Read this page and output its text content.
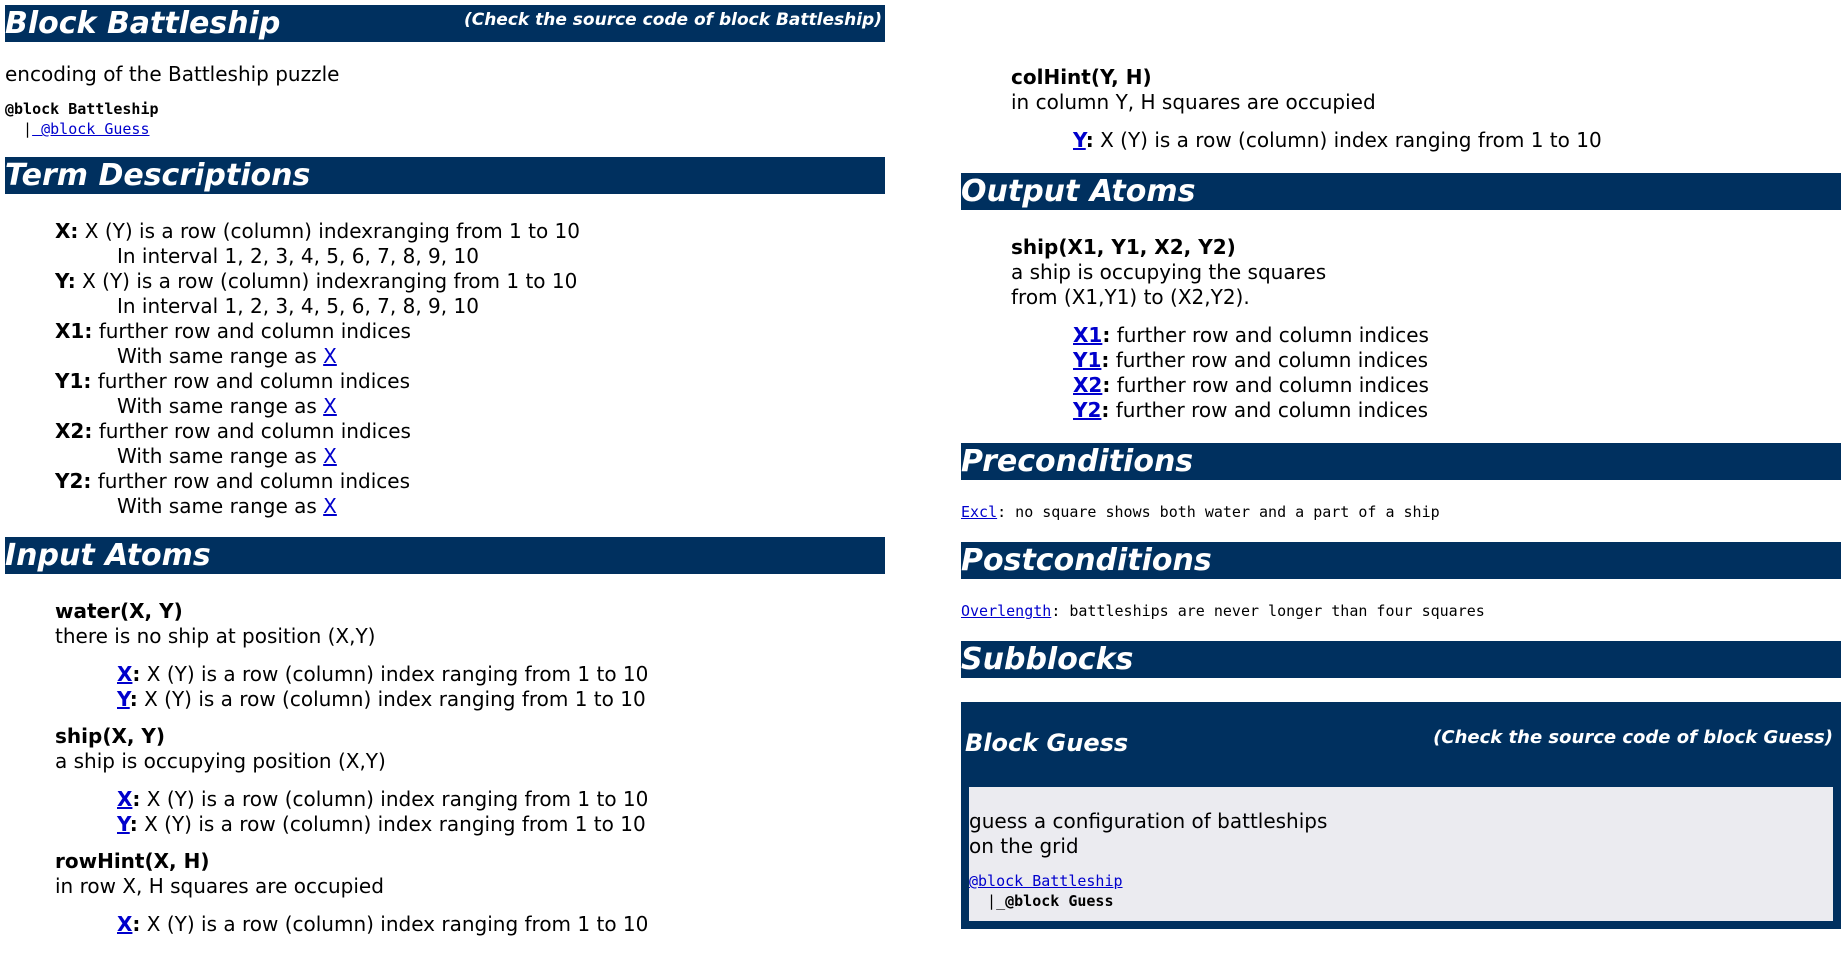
Block Battleship	(Check the source code of block Battleship)
encoding of the Battleship puzzle
@block Battleship
| @block Guess
Term Descriptions
X: X (Y) is a row (column) indexranging from 1 to 10
In interval 1, 2, 3, 4, 5, 6, 7, 8, 9, 10
Y: X (Y) is a row (column) indexranging from 1 to 10
In interval 1, 2, 3, 4, 5, 6, 7, 8, 9, 10
X1: further row and column indices
With same range as X
Y1: further row and column indices
With same range as X
X2: further row and column indices
With same range as X
Y2: further row and column indices
With same range as X
Input Atoms
water(X, Y)
there is no ship at position (X,Y)
X: X (Y) is a row (column) index ranging from 1 to 10
Y: X (Y) is a row (column) index ranging from 1 to 10
ship(X, Y)
a ship is occupying position (X,Y)
X: X (Y) is a row (column) index ranging from 1 to 10
Y: X (Y) is a row (column) index ranging from 1 to 10
rowHint(X, H)
in row X, H squares are occupied
X: X (Y) is a row (column) index ranging from 1 to 10
colHint(Y, H)
in column Y, H squares are occupied
Y: X (Y) is a row (column) index ranging from 1 to 10
Output Atoms
ship(X1, Y1, X2, Y2)
a ship is occupying the squares
from (X1,Y1) to (X2,Y2).
X1: further row and column indices
Y1: further row and column indices
X2: further row and column indices
Y2: further row and column indices
Preconditions
Excl: no square shows both water and a part of a ship
Postconditions
Overlength: battleships are never longer than four squares
Subblocks
Block Guess	(Check the source code of block Guess)
guess a configuration of battleships
on the grid
@block Battleship
|_@block Guess
